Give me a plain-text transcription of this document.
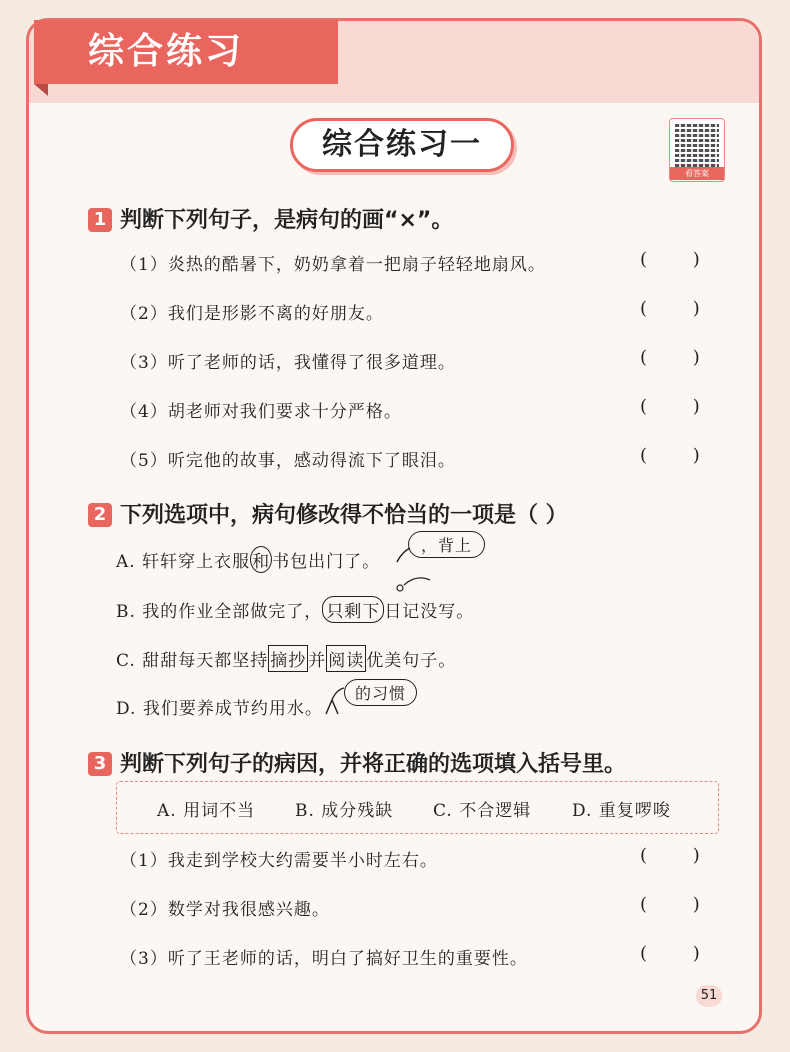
综合练习
综合练习一
看答案
1 判断下列句子，是病句的画“×”。
（1）炎热的酷暑下，奶奶拿着一把扇子轻轻地扇风。
（2）我们是形影不离的好朋友。
（3）听了老师的话，我懂得了很多道理。
（4）胡老师对我们要求十分严格。
（5）听完他的故事，感动得流下了眼泪。
(        )
(        )
(        )
(        )
(        )
2 下列选项中，病句修改得不恰当的一项是（ ）
A. 轩轩穿上衣服 和 书包出门了。
，背上
B. 我的作业全部做完了， 只剩下 日记没写。
C. 甜甜每天都坚持 摘抄 并 阅读 优美句子。
D. 我们要养成节约用水。
的习惯
3 判断下列句子的病因，并将正确的选项填入括号里。
A. 用词不当 B. 成分残缺 C. 不合逻辑 D. 重复啰唆
（1）我走到学校大约需要半小时左右。
（2）数学对我很感兴趣。
（3）听了王老师的话，明白了搞好卫生的重要性。
(        )
(        )
(        )
51
